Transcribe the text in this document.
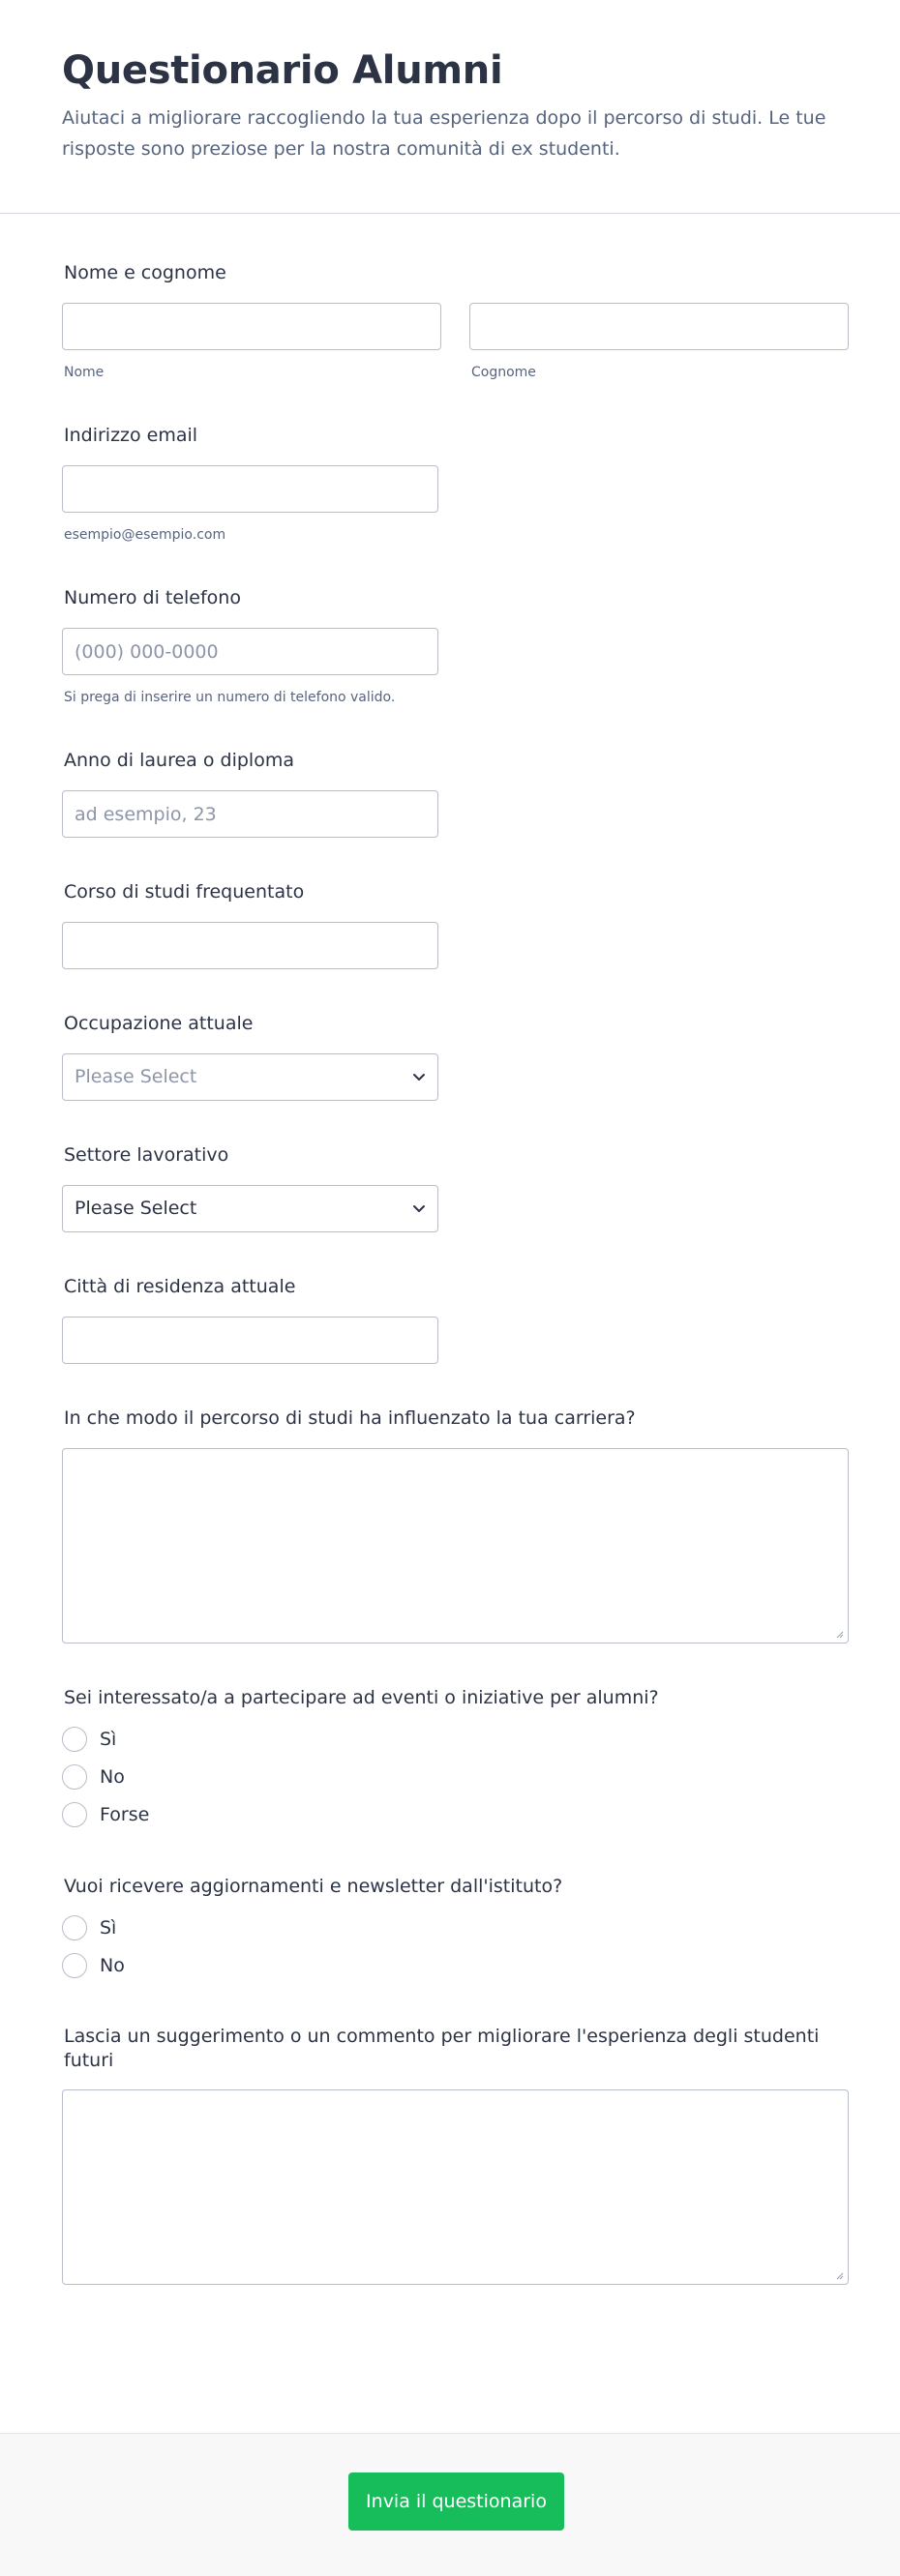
Questionario Alumni

Aiutaci a migliorare raccogliendo la tua esperienza dopo il percorso di studi. Le tue risposte sono preziose per la nostra comunità di ex studenti.

Nome e cognome
Nome	Cognome
Indirizzo email
esempio@esempio.com
Numero di telefono
(000) 000-0000
Si prega di inserire un numero di telefono valido.
Anno di laurea o diploma
ad esempio, 23
Corso di studi frequentato
Occupazione attuale
Please Select
Settore lavorativo
Please Select
Città di residenza attuale
In che modo il percorso di studi ha influenzato la tua carriera?
Sei interessato/a a partecipare ad eventi o iniziative per alumni?
Sì
No
Forse
Vuoi ricevere aggiornamenti e newsletter dall'istituto?
Sì
No
Lascia un suggerimento o un commento per migliorare l'esperienza degli studenti futuri
Invia il questionario
